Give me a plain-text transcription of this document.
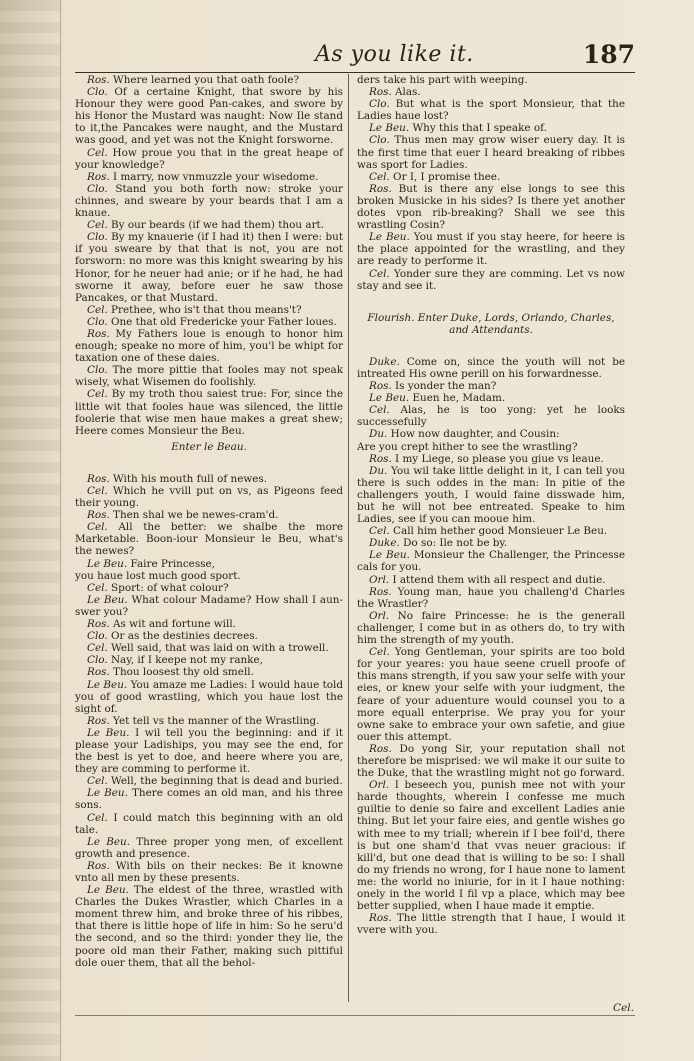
As you like it.	187

Ros. Where learned you that oath foole?

Clo. Of a certaine Knight, that swore by his Honour they were good Pan-cakes, and swore by his Honor the Mustard was naught: Now Ile stand to it,the Pancakes were naught, and the Mustard was good, and yet was not the Knight forsworne.

Cel. How proue you that in the great heape of your knowledge?

Ros. I marry, now vnmuzzle your wisedome.

Clo. Stand you both forth now: stroke your chinnes, and sweare by your beards that I am a knaue.

Cel. By our beards (if we had them) thou art.

Clo. By my knauerie (if I had it) then I were: but if you sweare by that that is not, you are not forsworn: no more was this knight swearing by his Honor, for he neuer had anie; or if he had, he had sworne it away, before euer he saw those Pancakes, or that Mustard.

Cel. Prethee, who is't that thou means't?

Clo. One that old Fredericke your Father loues.

Ros. My Fathers loue is enough to honor him enough; speake no more of him, you'l be whipt for taxation one of these daies.

Clo. The more pittie that fooles may not speak wisely, what Wisemen do foolishly.

Cel. By my troth thou saiest true: For, since the little wit that fooles haue was silenced, the little foolerie that wise men haue makes a great shew; Heere comes Monsieur the Beu.

Enter le Beau.

Ros. With his mouth full of newes.

Cel. Which he vvill put on vs, as Pigeons feed their young.

Ros. Then shal we be newes-cram'd.

Cel. All the better: we shalbe the more Marketable. Boon-iour Monsieur le Beu, what's the newes?

Le Beu. Faire Princesse,

you haue lost much good sport.

Cel. Sport: of what colour?

Le Beu. What colour Madame? How shall I aun-swer you?

Ros. As wit and fortune will.

Clo. Or as the destinies decrees.

Cel. Well said, that was laid on with a trowell.

Clo. Nay, if I keepe not my ranke,

Ros. Thou loosest thy old smell.

Le Beu. You amaze me Ladies: I would haue told you of good wrastling, which you haue lost the sight of.

Ros. Yet tell vs the manner of the Wrastling.

Le Beu. I wil tell you the beginning: and if it please your Ladiships, you may see the end, for the best is yet to doe, and heere where you are, they are comming to performe it.

Cel. Well, the beginning that is dead and buried.

Le Beu. There comes an old man, and his three sons.

Cel. I could match this beginning with an old tale.

Le Beu. Three proper yong men, of excellent growth and presence.

Ros. With bils on their neckes: Be it knowne vnto all men by these presents.

Le Beu. The eldest of the three, wrastled with Charles the Dukes Wrastler, which Charles in a moment threw him, and broke three of his ribbes, that there is little hope of life in him: So he seru'd the second, and so the third: yonder they lie, the poore old man their Father, making such pittiful dole ouer them, that all the behol-

ders take his part with weeping.

Ros. Alas.

Clo. But what is the sport Monsieur, that the Ladies haue lost?

Le Beu. Why this that I speake of.

Clo. Thus men may grow wiser euery day. It is the first time that euer I heard breaking of ribbes was sport for Ladies.

Cel. Or I, I promise thee.

Ros. But is there any else longs to see this broken Musicke in his sides? Is there yet another dotes vpon rib-breaking? Shall we see this wrastling Cosin?

Le Beu. You must if you stay heere, for heere is the place appointed for the wrastling, and they are ready to performe it.

Cel. Yonder sure they are comming. Let vs now stay and see it.

Flourish. Enter Duke, Lords, Orlando, Charles, and Attendants.

Duke. Come on, since the youth will not be intreated His owne perill on his forwardnesse.

Ros. Is yonder the man?

Le Beu. Euen he, Madam.

Cel. Alas, he is too yong: yet he looks successefully

Du. How now daughter, and Cousin:

Are you crept hither to see the wrastling?

Ros. I my Liege, so please you giue vs leaue.

Du. You wil take little delight in it, I can tell you there is such oddes in the man: In pitie of the challengers youth, I would faine disswade him, but he will not bee entreated. Speake to him Ladies, see if you can mooue him.

Cel. Call him hether good Monsieuer Le Beu.

Duke. Do so: Ile not be by.

Le Beu. Monsieur the Challenger, the Princesse cals for you.

Orl. I attend them with all respect and dutie.

Ros. Young man, haue you challeng'd Charles the Wrastler?

Orl. No faire Princesse: he is the generall challenger, I come but in as others do, to try with him the strength of my youth.

Cel. Yong Gentleman, your spirits are too bold for your yeares: you haue seene cruell proofe of this mans strength, if you saw your selfe with your eies, or knew your selfe with your iudgment, the feare of your aduenture would counsel you to a more equall enterprise. We pray you for your owne sake to embrace your own safetie, and giue ouer this attempt.

Ros. Do yong Sir, your reputation shall not therefore be misprised: we wil make it our suite to the Duke, that the wrastling might not go forward.

Orl. I beseech you, punish mee not with your harde thoughts, wherein I confesse me much guiltie to denie so faire and excellent Ladies anie thing. But let your faire eies, and gentle wishes go with mee to my triall; wherein if I bee foil'd, there is but one sham'd that vvas neuer gracious: if kill'd, but one dead that is willing to be so: I shall do my friends no wrong, for I haue none to lament me: the world no iniurie, for in it I haue nothing: onely in the world I fil vp a place, which may bee better supplied, when I haue made it emptie.

Ros. The little strength that I haue, I would it vvere with you.

Cel.
